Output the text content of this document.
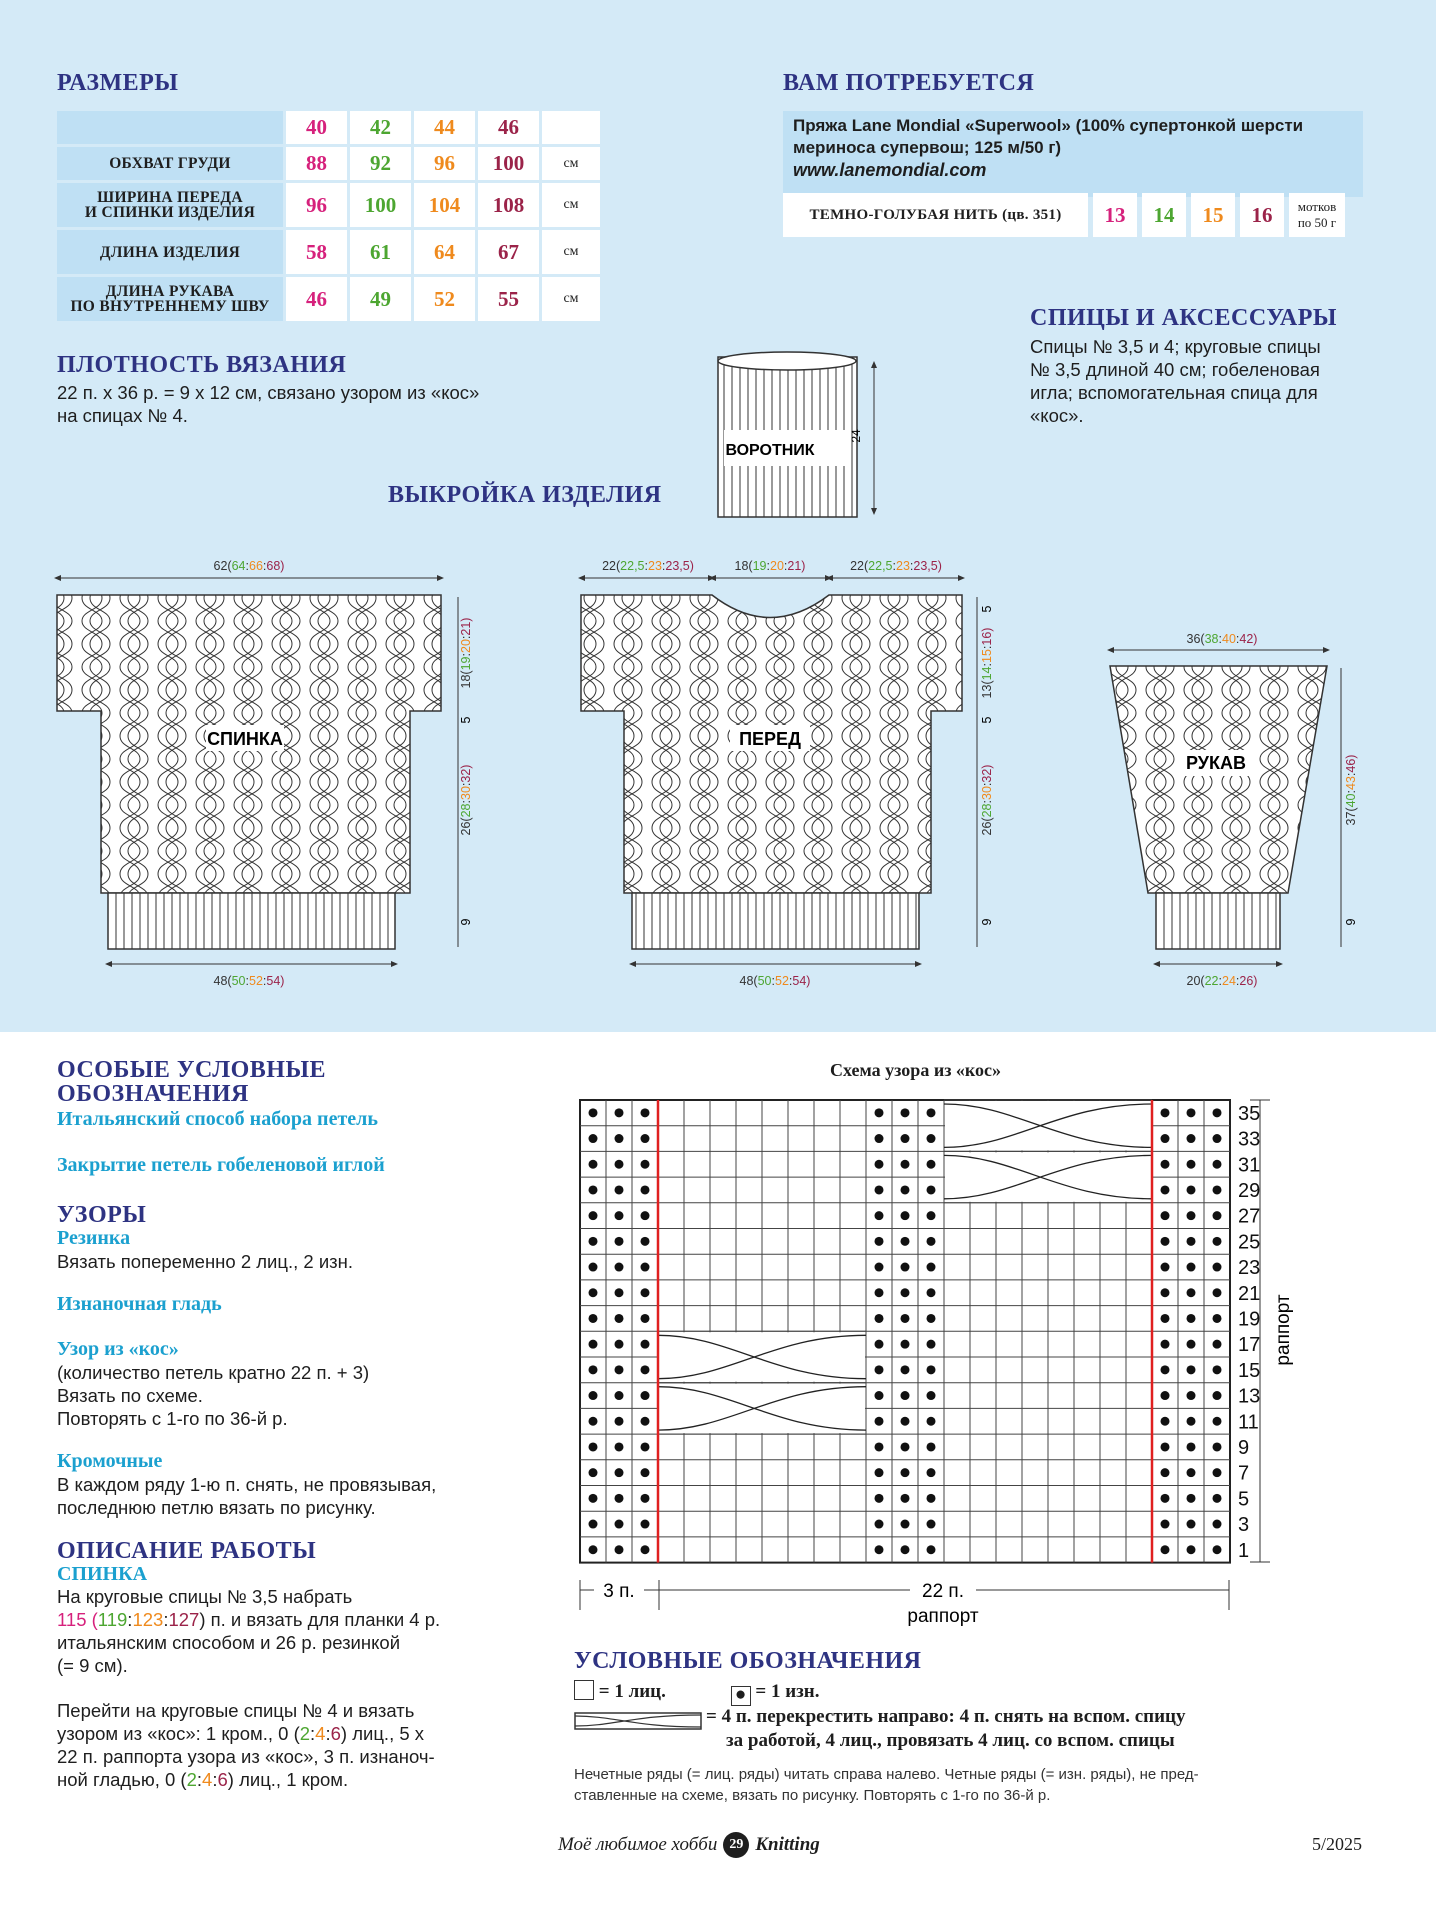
РАЗМЕРЫ
	40	42	44	46	
ОБХВАТ ГРУДИ	88	92	96	100	см
ШИРИНА ПЕРЕДА
И СПИНКИ ИЗДЕЛИЯ	96	100	104	108	см
ДЛИНА ИЗДЕЛИЯ	58	61	64	67	см
ДЛИНА РУКАВА
ПО ВНУТРЕННЕМУ ШВУ	46	49	52	55	см
ВАМ ПОТРЕБУЕТСЯ
Пряжа Lane Mondial «Superwool» (100% супертонкой шерсти
мериноса супервош; 125 м/50 г)
www.lanemondial.com
ТЕМНО-ГОЛУБАЯ НИТЬ (цв. 351)	13	14	15	16	мотков
по 50 г
СПИЦЫ И АКСЕССУАРЫ
Спицы № 3,5 и 4; круговые спицы
№ 3,5 длиной 40 см; гобеленовая
игла; вспомогательная спица для
«кос».
ПЛОТНОСТЬ ВЯЗАНИЯ
22 п. х 36 р. = 9 х 12 см, связано узором из «кос»
на спицах № 4.
ВЫКРОЙКА ИЗДЕЛИЯ
ВОРОТНИК
24
СПИНКА
62(64:66:68)
48(50:52:54)
18(19:20:21)
5
26(28:30:32)
9
ПЕРЕД
22(22,5:23:23,5)	18(19:20:21)	22(22,5:23:23,5)
48(50:52:54)
5
13(14:15:16)
5
26(28:30:32)
9
РУКАВ
36(38:40:42)
20(22:24:26)
37(40:43:46)
9
ОСОБЫЕ УСЛОВНЫЕ
ОБОЗНАЧЕНИЯ
Итальянский способ набора петель
Закрытие петель гобеленовой иглой
УЗОРЫ
Резинка
Вязать попеременно 2 лиц., 2 изн.
Изнаночная гладь
Узор из «кос»
(количество петель кратно 22 п. + 3)
Вязать по схеме.
Повторять с 1-го по 36-й р.
Кромочные
В каждом ряду 1-ю п. снять, не провязывая,
последнюю петлю вязать по рисунку.
ОПИСАНИЕ РАБОТЫ
СПИНКА
На круговые спицы № 3,5 набрать
115 (119:123:127) п. и вязать для планки 4 р.
итальянским способом и 26 р. резинкой
(= 9 см).
Перейти на круговые спицы № 4 и вязать
узором из «кос»: 1 кром., 0 (2:4:6) лиц., 5 х
22 п. раппорта узора из «кос», 3 п. изнаноч-
ной гладью, 0 (2:4:6) лиц., 1 кром.
Схема узора из «кос»
35
33
31
29
27
25
23
21
19
17
15
13
11
9
7
5
3
1
раппорт
3 п.	22 п.
раппорт
УСЛОВНЫЕ ОБОЗНАЧЕНИЯ
= 1 лиц.	● = 1 изн.
= 4 п. перекрестить направо: 4 п. снять на вспом. спицу
за работой, 4 лиц., провязать 4 лиц. со вспом. спицы
Нечетные ряды (= лиц. ряды) читать справа налево. Четные ряды (= изн. ряды), не пред-
ставленные на схеме, вязать по рисунку. Повторять с 1-го по 36-й р.
Моё любимое хобби 29 Knitting	5/2025
